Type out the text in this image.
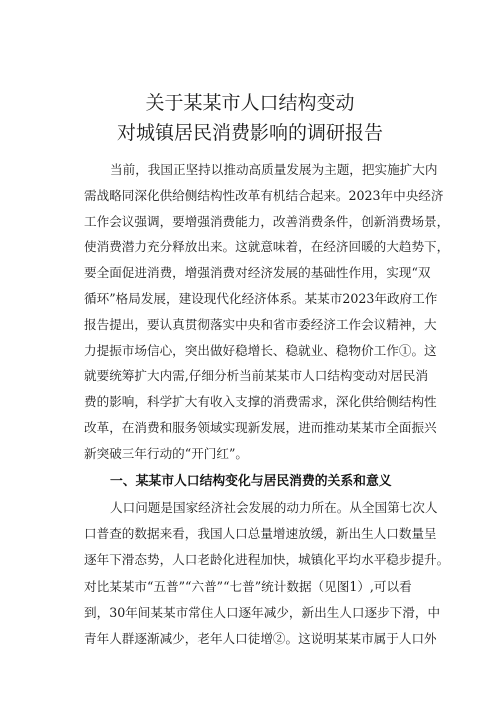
关于某某市人口结构变动
对城镇居民消费影响的调研报告
当前，我国正坚持以推动高质量发展为主题，把实施扩大内
需战略同深化供给侧结构性改革有机结合起来。2023年中央经济
工作会议强调，要增强消费能力，改善消费条件，创新消费场景，
使消费潜力充分释放出来。这就意味着，在经济回暖的大趋势下，
要全面促进消费，增强消费对经济发展的基础性作用，实现“双
循环”格局发展，建设现代化经济体系。某某市2023年政府工作
报告提出，要认真贯彻落实中央和省市委经济工作会议精神，大
力提振市场信心，突出做好稳增长、稳就业、稳物价工作①。这
就要统筹扩大内需,仔细分析当前某某市人口结构变动对居民消
费的影响，科学扩大有收入支撑的消费需求，深化供给侧结构性
改革，在消费和服务领域实现新发展，进而推动某某市全面振兴
新突破三年行动的“开门红”。
一、某某市人口结构变化与居民消费的关系和意义
人口问题是国家经济社会发展的动力所在。从全国第七次人
口普查的数据来看，我国人口总量增速放缓，新出生人口数量呈
逐年下滑态势，人口老龄化进程加快，城镇化平均水平稳步提升。
对比某某市“五普”“六普”“七普”统计数据（见图1）,可以看
到，30年间某某市常住人口逐年减少，新出生人口逐步下滑，中
青年人群逐渐减少，老年人口徒增②。这说明某某市属于人口外
